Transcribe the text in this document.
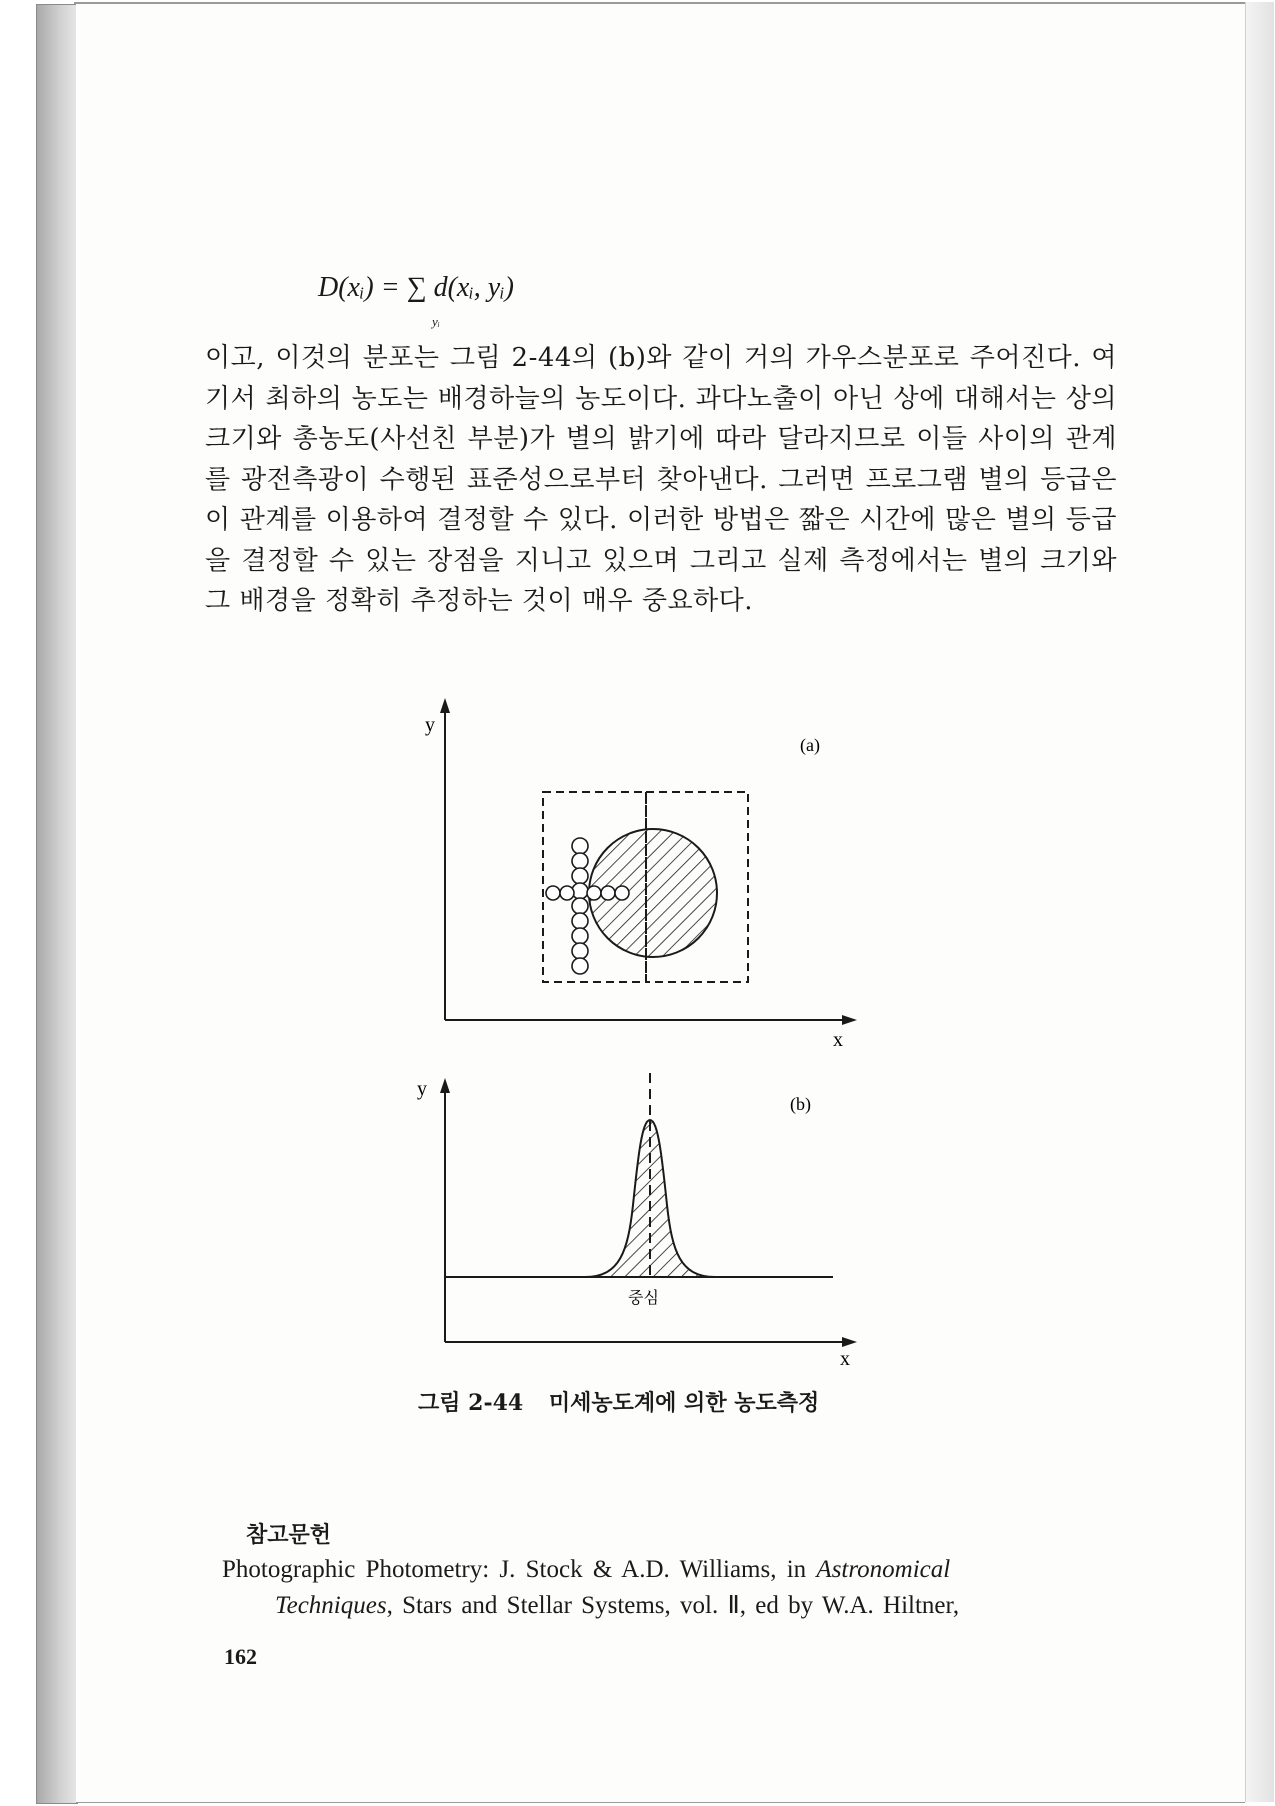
D(xᵢ) = ∑ d(xᵢ, yᵢ)
yᵢ

이고, 이것의 분포는 그림 2-44의 (b)와 같이 거의 가우스분포로 주어진다. 여기서 최하의 농도는 배경하늘의 농도이다. 과다노출이 아닌 상에 대해서는 상의 크기와 총농도(사선친 부분)가 별의 밝기에 따라 달라지므로 이들 사이의 관계를 광전측광이 수행된 표준성으로부터 찾아낸다. 그러면 프로그램 별의 등급은 이 관계를 이용하여 결정할 수 있다. 이러한 방법은 짧은 시간에 많은 별의 등급을 결정할 수 있는 장점을 지니고 있으며 그리고 실제 측정에서는 별의 크기와 그 배경을 정확히 추정하는 것이 매우 중요하다.

y
x
(a)
y
x
(b)
중심
그림 2-44 미세농도계에 의한 농도측정
참고문헌
Photographic Photometry: J. Stock & A.D. Williams, in Astronomical
Techniques, Stars and Stellar Systems, vol. Ⅱ, ed by W.A. Hiltner,
162
